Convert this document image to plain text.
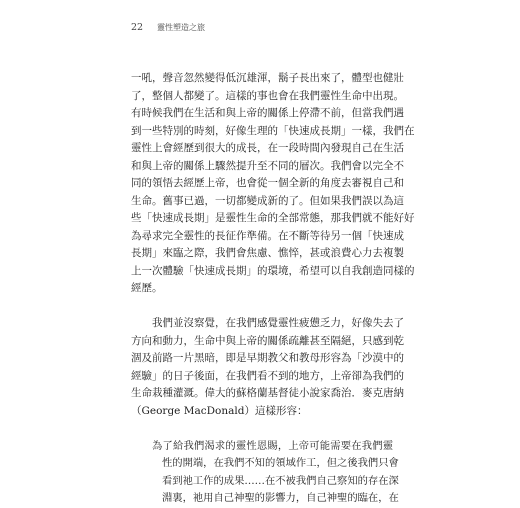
22	靈性塑造之旅
一吼，聲音忽然變得低沉雄渾，鬍子長出來了，體型也健壯
了，整個人都變了。這樣的事也會在我們靈性生命中出現。
有時候我們在生活和與上帝的關係上停滯不前，但當我們遇
到一些特別的時刻，好像生理的「快速成長期」一樣，我們在
靈性上會經歷到很大的成長，在一段時間內發現自己在生活
和與上帝的關係上驟然提升至不同的層次。我們會以完全不
同的領悟去經歷上帝，也會從一個全新的角度去審視自己和
生命。舊事已過，一切都變成新的了。但如果我們誤以為這
些「快速成長期」是靈性生命的全部常態，那我們就不能好好
為尋求完全靈性的長征作準備。在不斷等待另一個「快速成
長期」來臨之際，我們會焦慮、憔悴，甚或浪費心力去複製
上一次體驗「快速成長期」的環境，希望可以自我創造同樣的
經歷。
我們並沒察覺，在我們感覺靈性疲憊乏力，好像失去了
方向和動力，生命中與上帝的關係疏離甚至隔絕，只感到乾
涸及前路一片黑暗，即是早期教父和教母形容為「沙漠中的
經驗」的日子後面，在我們看不到的地方，上帝卻為我們的
生命栽種灌溉。偉大的蘇格蘭基督徒小說家喬治．麥克唐納
（George MacDonald）這樣形容：
為了給我們渴求的靈性恩賜，上帝可能需要在我們靈
性的開端，在我們不知的領域作工，但之後我們只會
看到祂工作的成果……在不被我們自己察知的存在深
淵裏，祂用自己神聖的影響力，自己神聖的臨在，在
